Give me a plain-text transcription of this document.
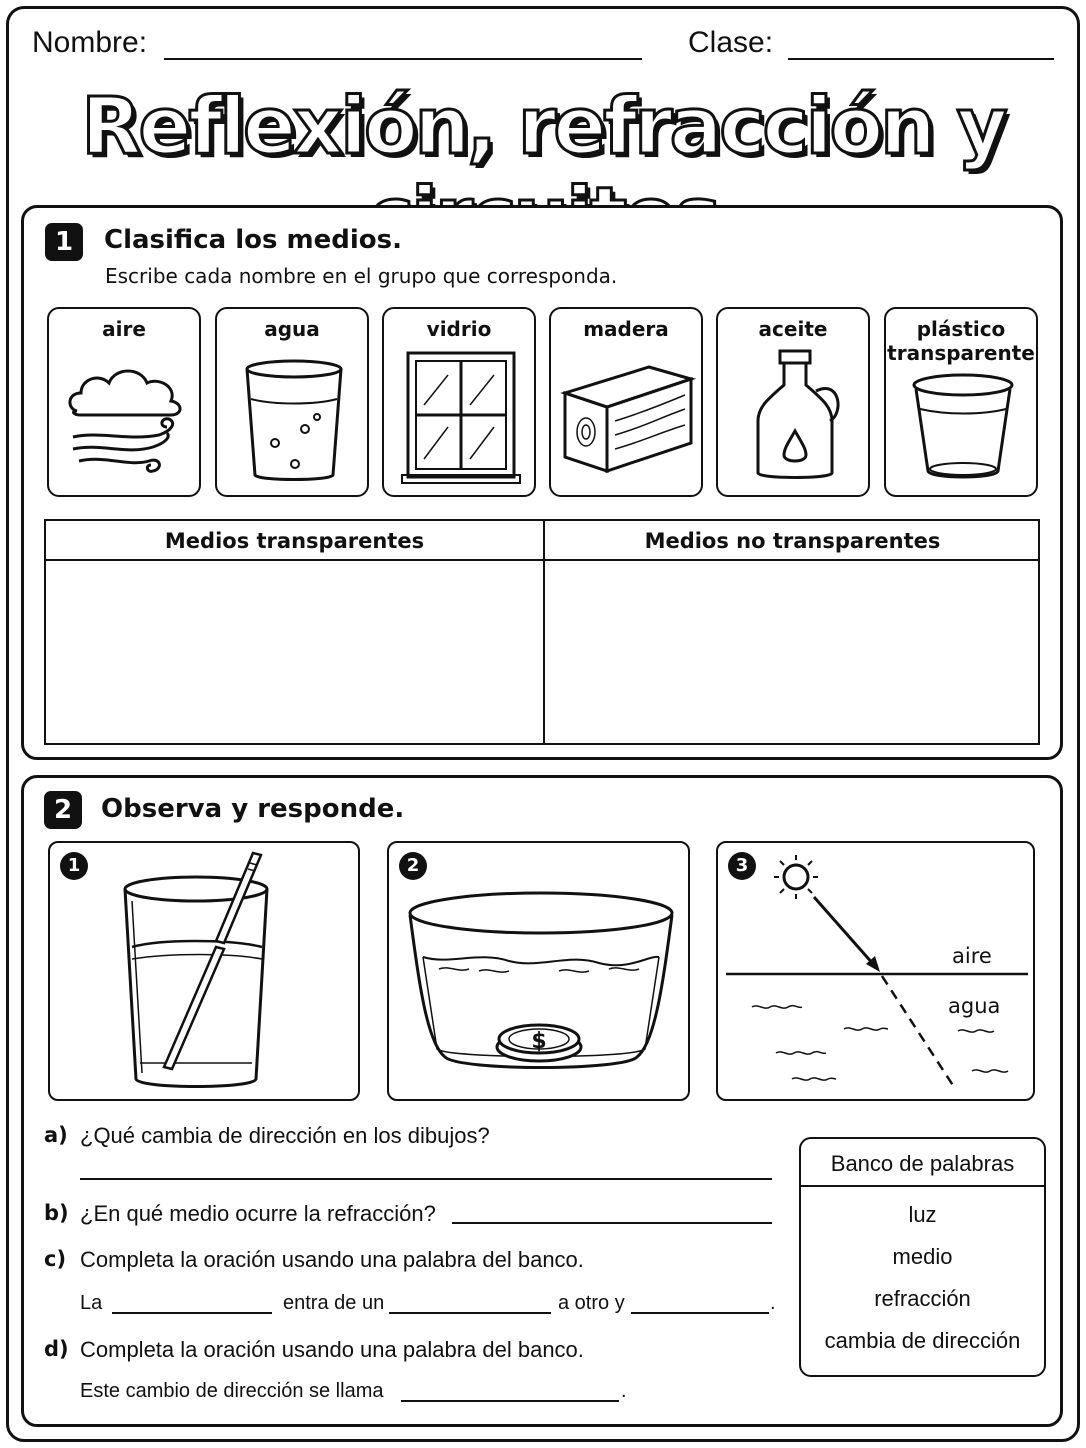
Nombre:	Clase:
Reflexión, refracción y
1	Clasifica los medios.
Escribe cada nombre en el grupo que corresponda.
aire	agua	vidrio	madera	aceite	plástico transparente
Medios transparentes	Medios no transparentes
2	Observa y responde.
1	2
$
3
aire
agua
a) ¿Qué cambia de dirección en los dibujos?
b) ¿En qué medio ocurre la refracción?
c) Completa la oración usando una palabra del banco.
La	entra de un	a otro y	.
d) Completa la oración usando una palabra del banco.
Este cambio de dirección se llama	.
Banco de palabras
luz
medio
refracción
cambia de dirección
